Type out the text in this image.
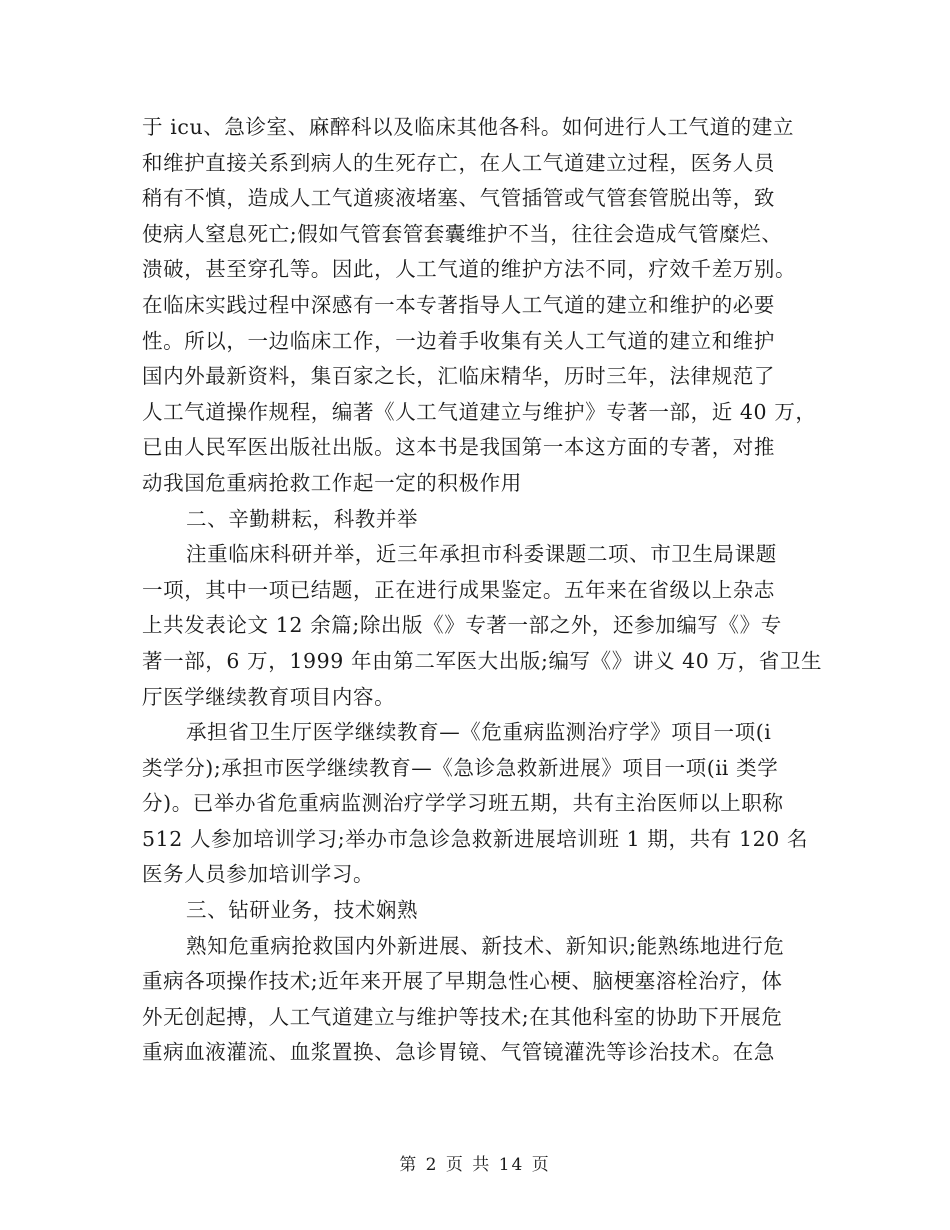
于 icu、急诊室、麻醉科以及临床其他各科。如何进行人工气道的建立
和维护直接关系到病人的生死存亡，在人工气道建立过程，医务人员
稍有不慎，造成人工气道痰液堵塞、气管插管或气管套管脱出等，致
使病人窒息死亡;假如气管套管套囊维护不当，往往会造成气管糜烂、
溃破，甚至穿孔等。因此，人工气道的维护方法不同，疗效千差万别。
在临床实践过程中深感有一本专著指导人工气道的建立和维护的必要
性。所以，一边临床工作，一边着手收集有关人工气道的建立和维护
国内外最新资料，集百家之长，汇临床精华，历时三年，法律规范了
人工气道操作规程，编著《人工气道建立与维护》专著一部，近 40 万，
已由人民军医出版社出版。这本书是我国第一本这方面的专著，对推
动我国危重病抢救工作起一定的积极作用
二、辛勤耕耘，科教并举
注重临床科研并举，近三年承担市科委课题二项、市卫生局课题
一项，其中一项已结题，正在进行成果鉴定。五年来在省级以上杂志
上共发表论文 12 余篇;除出版《》专著一部之外，还参加编写《》专
著一部，6 万，1999 年由第二军医大出版;编写《》讲义 40 万，省卫生
厅医学继续教育项目内容。
承担省卫生厅医学继续教育—《危重病监测治疗学》项目一项(ⅰ
类学分);承担市医学继续教育—《急诊急救新进展》项目一项(ⅱ 类学
分)。已举办省危重病监测治疗学学习班五期，共有主治医师以上职称
512 人参加培训学习;举办市急诊急救新进展培训班 1 期，共有 120 名
医务人员参加培训学习。
三、钻研业务，技术娴熟
熟知危重病抢救国内外新进展、新技术、新知识;能熟练地进行危
重病各项操作技术;近年来开展了早期急性心梗、脑梗塞溶栓治疗，体
外无创起搏，人工气道建立与维护等技术;在其他科室的协助下开展危
重病血液灌流、血浆置换、急诊胃镜、气管镜灌洗等诊治技术。在急
第 2 页 共 14 页
